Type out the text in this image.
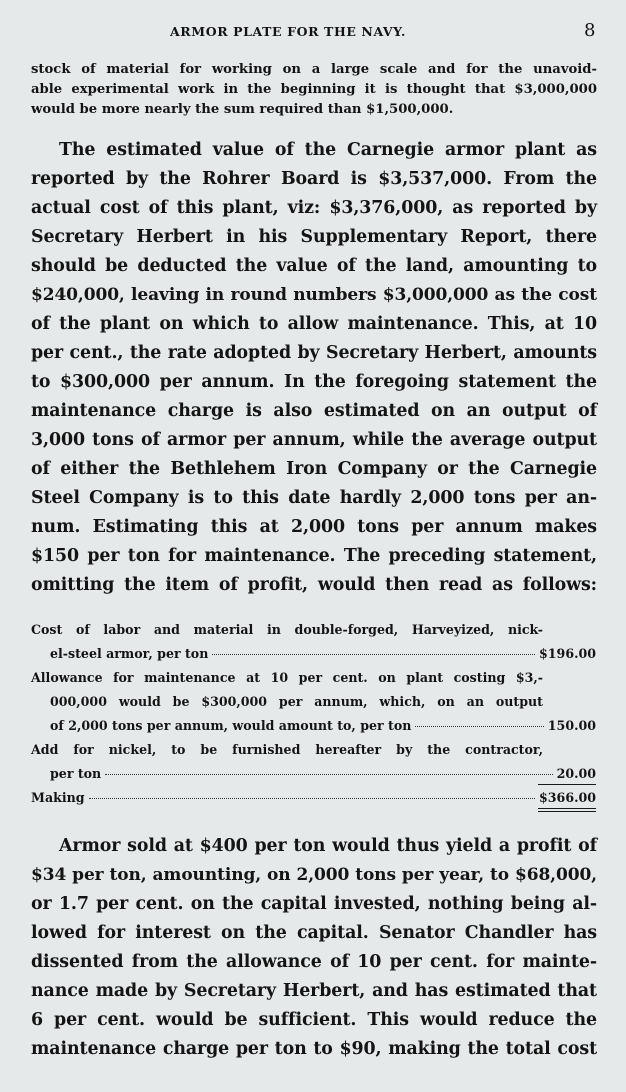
ARMOR PLATE FOR THE NAVY.	8
stock of material for working on a large scale and for the unavoid-
able experimental work in the beginning it is thought that $3,000,000
would be more nearly the sum required than $1,500,000.
The estimated value of the Carnegie armor plant as
reported by the Rohrer Board is $3,537,000. From the
actual cost of this plant, viz: $3,376,000, as reported by
Secretary Herbert in his Supplementary Report, there
should be deducted the value of the land, amounting to
$240,000, leaving in round numbers $3,000,000 as the cost
of the plant on which to allow maintenance. This, at 10
per cent., the rate adopted by Secretary Herbert, amounts
to $300,000 per annum. In the foregoing statement the
maintenance charge is also estimated on an output of
3,000 tons of armor per annum, while the average output
of either the Bethlehem Iron Company or the Carnegie
Steel Company is to this date hardly 2,000 tons per an-
num. Estimating this at 2,000 tons per annum makes
$150 per ton for maintenance. The preceding statement,
omitting the item of profit, would then read as follows:
Cost of labor and material in double-forged, Harveyized, nick-
el-steel armor, per ton	$196.00
Allowance for maintenance at 10 per cent. on plant costing $3,-
000,000 would be $300,000 per annum, which, on an output
of 2,000 tons per annum, would amount to, per ton	150.00
Add for nickel, to be furnished hereafter by the contractor,
per ton	20.00
Making	$366.00
Armor sold at $400 per ton would thus yield a profit of
$34 per ton, amounting, on 2,000 tons per year, to $68,000,
or 1.7 per cent. on the capital invested, nothing being al-
lowed for interest on the capital. Senator Chandler has
dissented from the allowance of 10 per cent. for mainte-
nance made by Secretary Herbert, and has estimated that
6 per cent. would be sufficient. This would reduce the
maintenance charge per ton to $90, making the total cost
